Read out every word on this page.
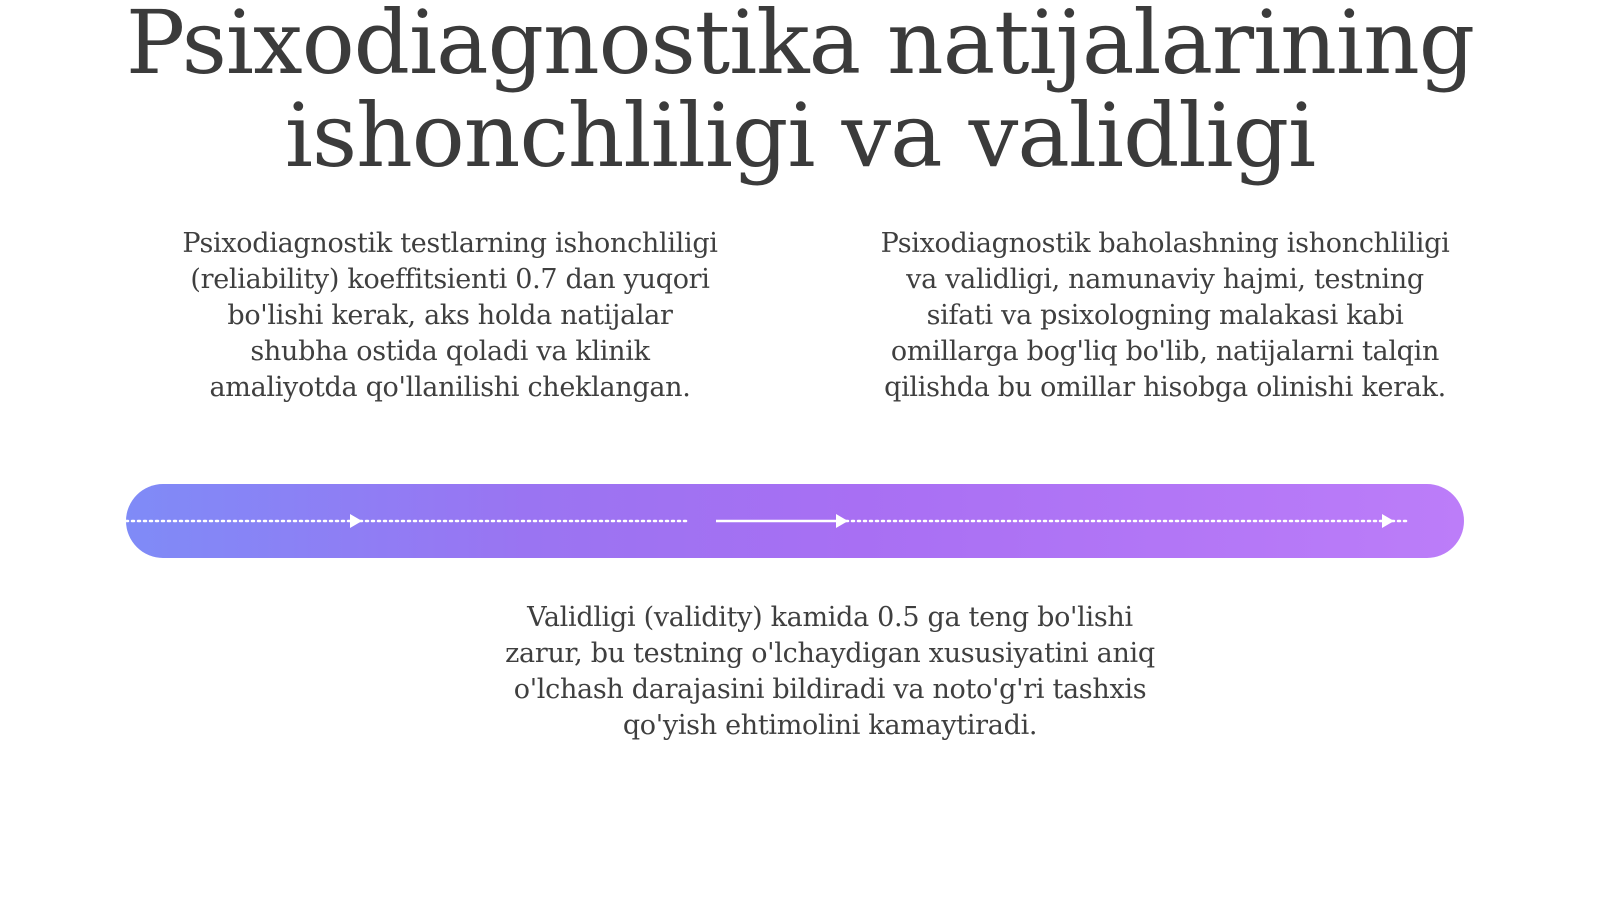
Psixodiagnostika natijalarining
ishonchliligi va validligi

Psixodiagnostik testlarning ishonchliligi
(reliability) koeffitsienti 0.7 dan yuqori
bo'lishi kerak, aks holda natijalar
shubha ostida qoladi va klinik
amaliyotda qo'llanilishi cheklangan.

Psixodiagnostik baholashning ishonchliligi
va validligi, namunaviy hajmi, testning
sifati va psixologning malakasi kabi
omillarga bog'liq bo'lib, natijalarni talqin
qilishda bu omillar hisobga olinishi kerak.

Validligi (validity) kamida 0.5 ga teng bo'lishi
zarur, bu testning o'lchaydigan xususiyatini aniq
o'lchash darajasini bildiradi va noto'g'ri tashxis
qo'yish ehtimolini kamaytiradi.
